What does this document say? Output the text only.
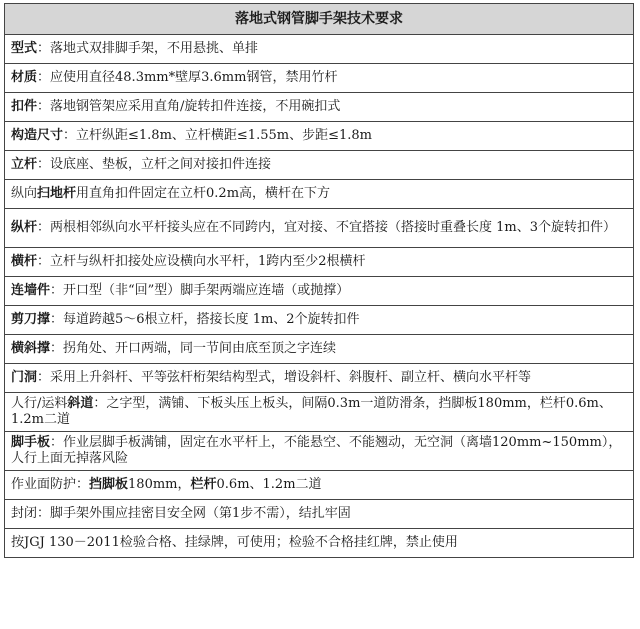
落地式钢管脚手架技术要求
型式：落地式双排脚手架，不用悬挑、单排
材质：应使用直径48.3mm*壁厚3.6mm钢管，禁用竹杆
扣件：落地钢管架应采用直角/旋转扣件连接，不用碗扣式
构造尺寸：立杆纵距≤1.8m、立杆横距≤1.55m、步距≤1.8m
立杆：设底座、垫板，立杆之间对接扣件连接
纵向扫地杆用直角扣件固定在立杆0.2m高，横杆在下方
纵杆：两根相邻纵向水平杆接头应在不同跨内，宜对接、不宜搭接（搭接时重叠长度 1m、3个旋转扣件）
横杆：立杆与纵杆扣接处应设横向水平杆，1跨内至少2根横杆
连墙件：开口型（非“回”型）脚手架两端应连墙（或抛撑）
剪刀撑：每道跨越5～6根立杆，搭接长度 1m、2个旋转扣件
横斜撑：拐角处、开口两端，同一节间由底至顶之字连续
门洞：采用上升斜杆、平等弦杆桁架结构型式，增设斜杆、斜腹杆、副立杆、横向水平杆等
人行/运料斜道：之字型，满铺、下板头压上板头，间隔0.3m一道防滑条，挡脚板180mm，栏杆0.6m、1.2m二道
脚手板：作业层脚手板满铺，固定在水平杆上，不能悬空、不能翘动，无空洞（离墙120mm~150mm），人行上面无掉落风险
作业面防护：挡脚板180mm，栏杆0.6m、1.2m二道
封闭：脚手架外围应挂密目安全网（第1步不需），结扎牢固
按JGJ 130－2011检验合格、挂绿牌，可使用；检验不合格挂红牌，禁止使用
